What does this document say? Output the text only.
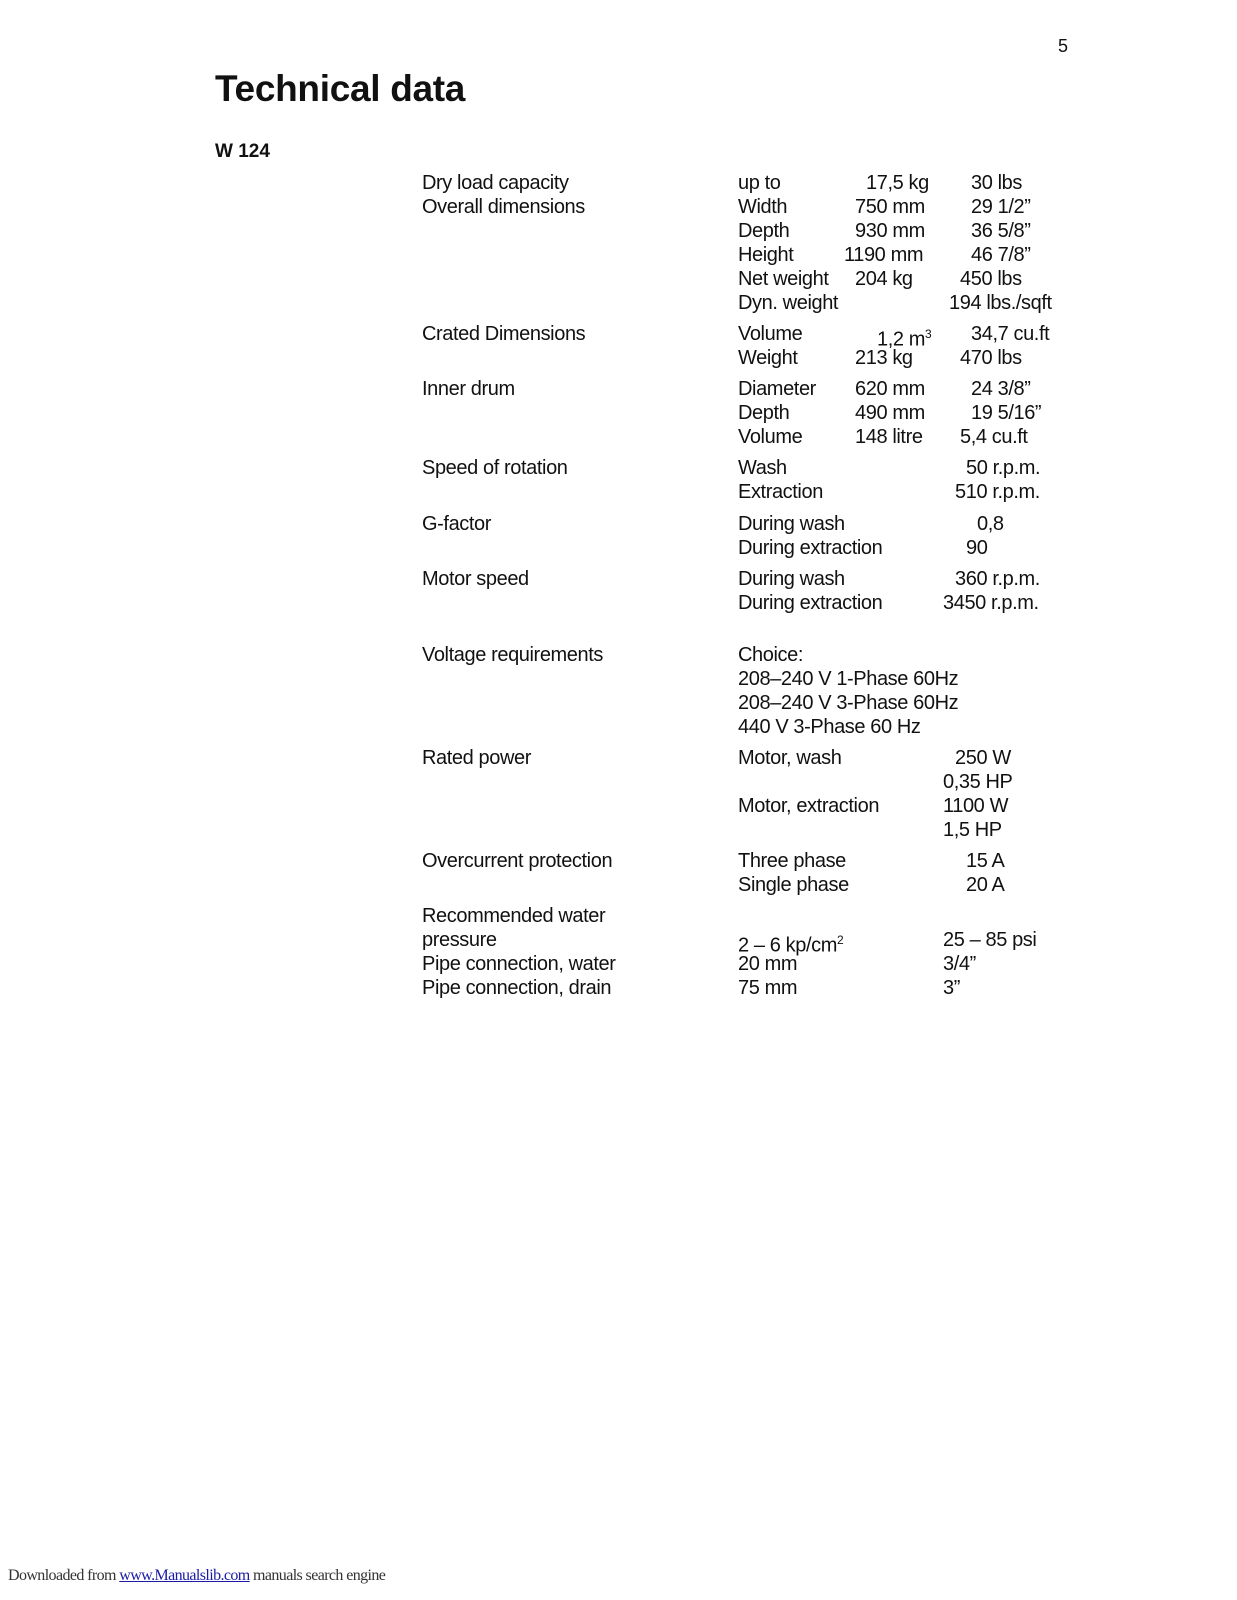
5
Technical data
W 124
Dry load capacity	up to	17,5 kg 30 lbs
Overall dimensions	Width	750 mm 29 1/2”
Depth	930 mm 36 5/8”
Height	1190 mm 46 7/8”
Net weight 204 kg 450 lbs
Dyn. weight	194 lbs./sqft
Crated Dimensions	Volume	1,2 $m^3$ 34,7 cu.ft
Weight	213 kg 470 lbs
Inner drum	Diameter 620 mm 24 3/8”
Depth	490 mm 19 5/16”
Volume	148 litre 5,4 cu.ft
Speed of rotation	Wash	50 r.p.m.
Extraction	510 r.p.m.
G-factor	During wash	0,8
During extraction	90
Motor speed	During wash	360 r.p.m.
During extraction	3450 r.p.m.
Voltage requirements	Choice:
208–240 V 1-Phase 60Hz
208–240 V 3-Phase 60Hz
440 V 3-Phase 60 Hz
Rated power	Motor, wash	250 W
0,35 HP
Motor, extraction	1100 W
1,5 HP
Overcurrent protection	Three phase	15 A
Single phase	20 A
Recommended water
pressure	2 – 6 $kp/cm^2$	25 – 85 psi
Pipe connection, water	20 mm	3/4”
Pipe connection, drain	75 mm	3”
Downloaded from www.Manualslib.com manuals search engine
